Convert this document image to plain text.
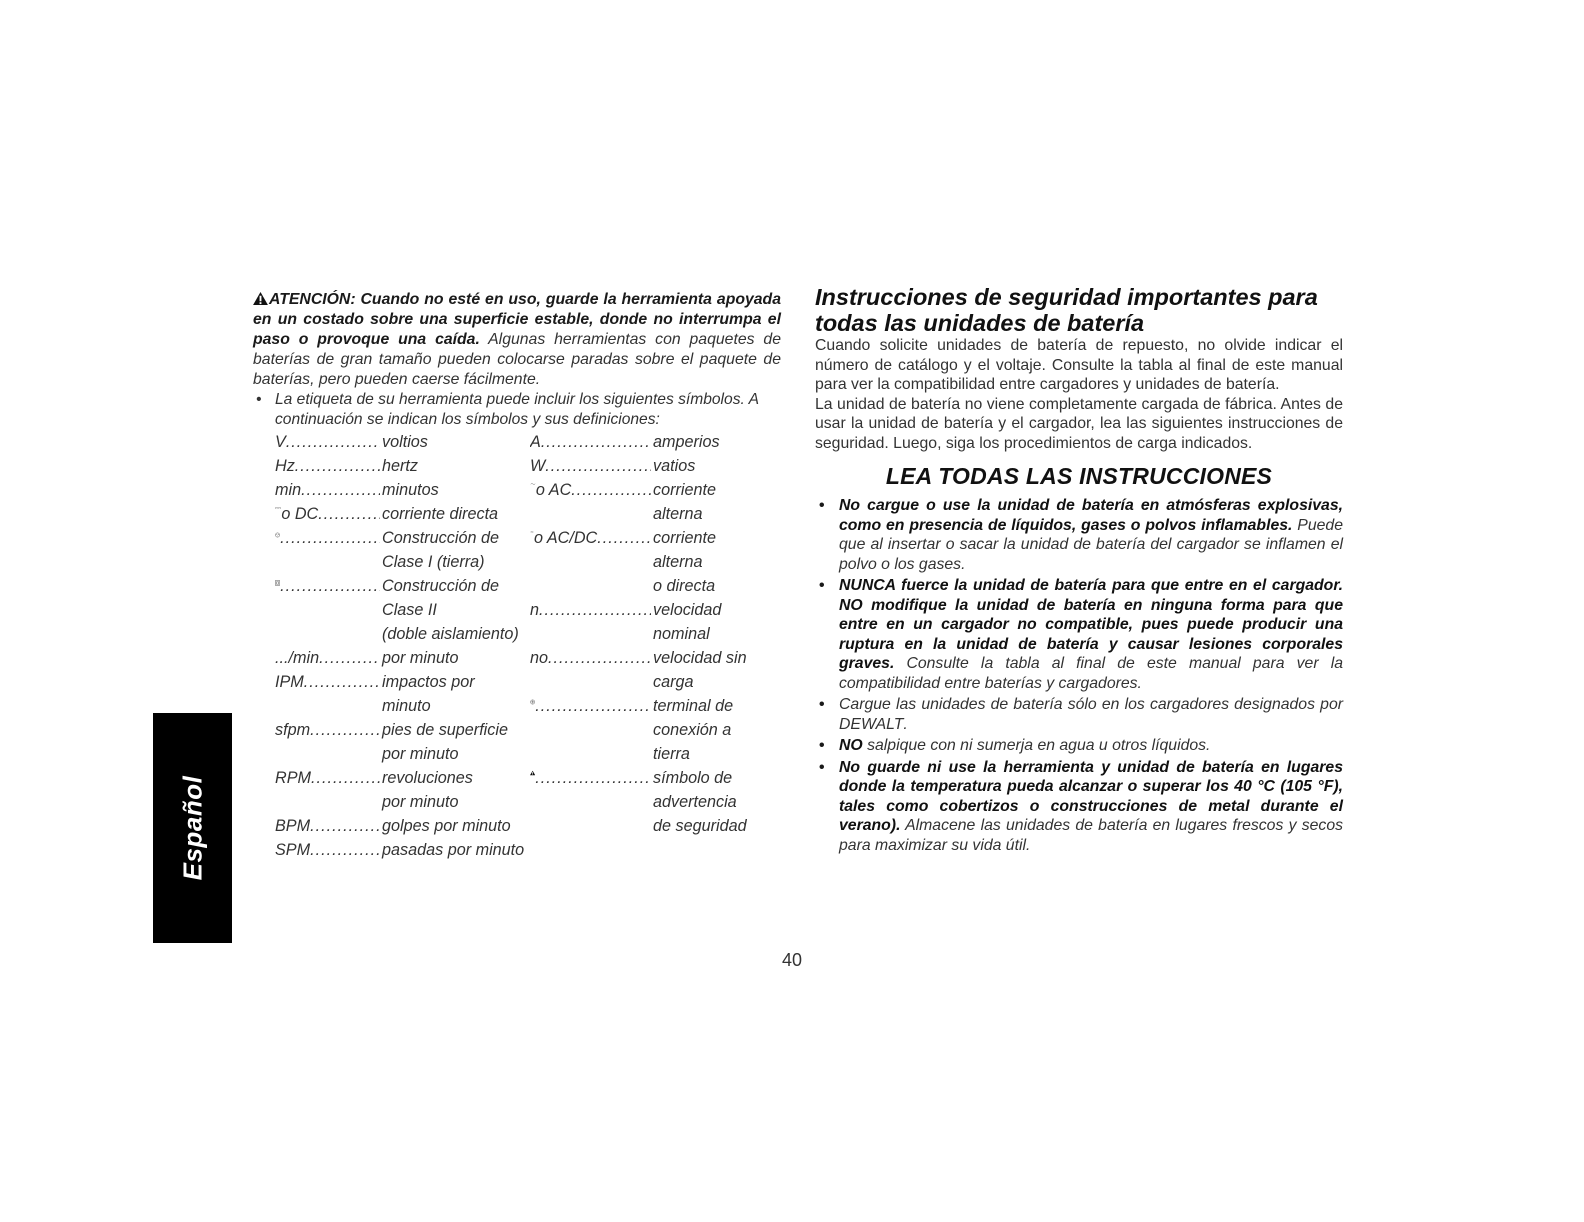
Español

ATENCIÓN: Cuando no esté en uso, guarde la herramienta apoyada en un costado sobre una superficie estable, donde no interrumpa el paso o provoque una caída. Algunas herramientas con paquetes de baterías de gran tamaño pueden colocarse paradas sobre el paquete de baterías, pero pueden caerse fácilmente.

• La etiqueta de su herramienta puede incluir los siguientes símbolos. A continuación se indican los símbolos y sus definiciones:
V .....	voltios
Hz .....	hertz
min .....	minutos
o DC .....	corriente directa
.....
Construcción de
Clase I (tierra)
.....
Construcción de
Clase II
(doble aislamiento)
.../min .....	por minuto
IPM .....	impactos por
minuto
sfpm .....	pies de superficie
por minuto
RPM .....	revoluciones
por minuto
BPM .....	golpes por minuto
SPM .....	pasadas por minuto
A .....	amperios
W .....	vatios
o AC .....	corriente
alterna
o AC/DC .....	corriente
alterna
o directa
n .....	velocidad
nominal
no .....	velocidad sin
carga
.....
terminal de
conexión a
tierra
.....
símbolo de
advertencia
de seguridad
Instrucciones de seguridad importantes para todas las unidades de batería

Cuando solicite unidades de batería de repuesto, no olvide indicar el número de catálogo y el voltaje. Consulte la tabla al final de este manual para ver la compatibilidad entre cargadores y unidades de batería.

La unidad de batería no viene completamente cargada de fábrica. Antes de usar la unidad de batería y el cargador, lea las siguientes instrucciones de seguridad. Luego, siga los procedimientos de carga indicados.

LEA TODAS LAS INSTRUCCIONES
• No cargue o use la unidad de batería en atmósferas explosivas, como en presencia de líquidos, gases o polvos inflamables. Puede que al insertar o sacar la unidad de batería del cargador se inflamen el polvo o los gases.
• NUNCA fuerce la unidad de batería para que entre en el cargador. NO modifique la unidad de batería en ninguna forma para que entre en un cargador no compatible, pues puede producir una ruptura en la unidad de batería y causar lesiones corporales graves. Consulte la tabla al final de este manual para ver la compatibilidad entre baterías y cargadores.
• Cargue las unidades de batería sólo en los cargadores designados por DEWALT.
• NO salpique con ni sumerja en agua u otros líquidos.
• No guarde ni use la herramienta y unidad de batería en lugares donde la temperatura pueda alcanzar o superar los 40 °C (105 °F), tales como cobertizos o construcciones de metal durante el verano). Almacene las unidades de batería en lugares frescos y secos para maximizar su vida útil.
40
